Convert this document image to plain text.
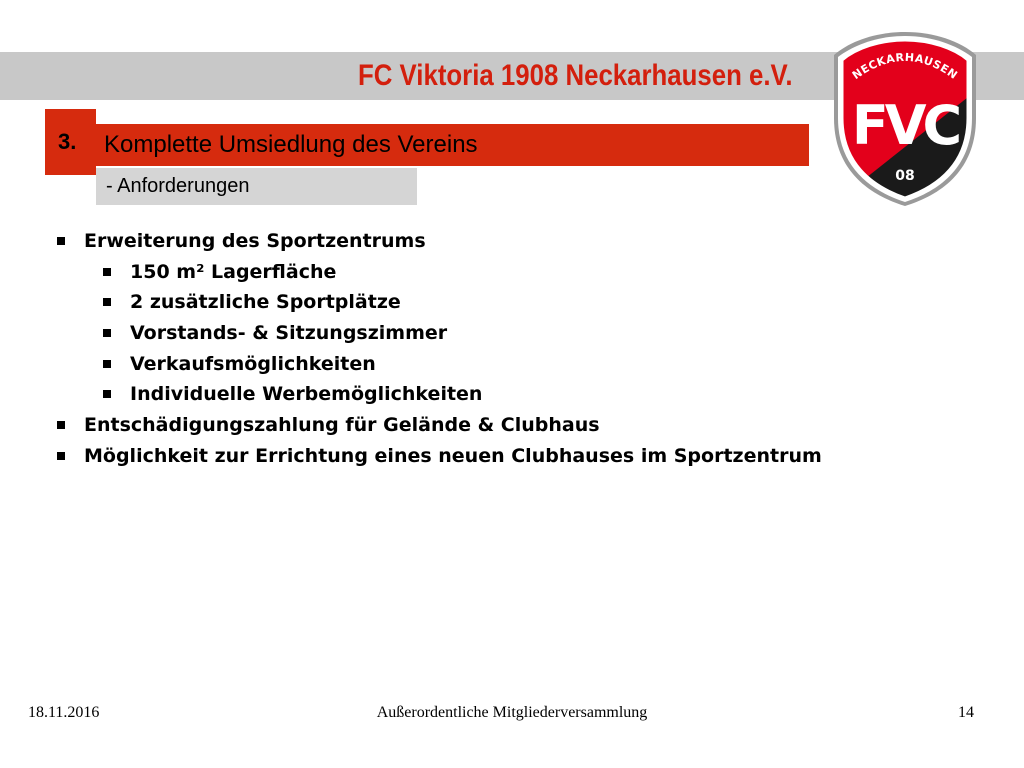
FC Viktoria 1908 Neckarhausen e.V.	NECKARHAUSEN
FVC
08
3. Komplette Umsiedlung des Vereins
- Anforderungen
Erweiterung des Sportzentrums
150 m² Lagerfläche
2 zusätzliche Sportplätze
Vorstands- & Sitzungszimmer
Verkaufsmöglichkeiten
Individuelle Werbemöglichkeiten
Entschädigungszahlung für Gelände & Clubhaus
Möglichkeit zur Errichtung eines neuen Clubhauses im Sportzentrum
18.11.2016	Außerordentliche Mitgliederversammlung	14
